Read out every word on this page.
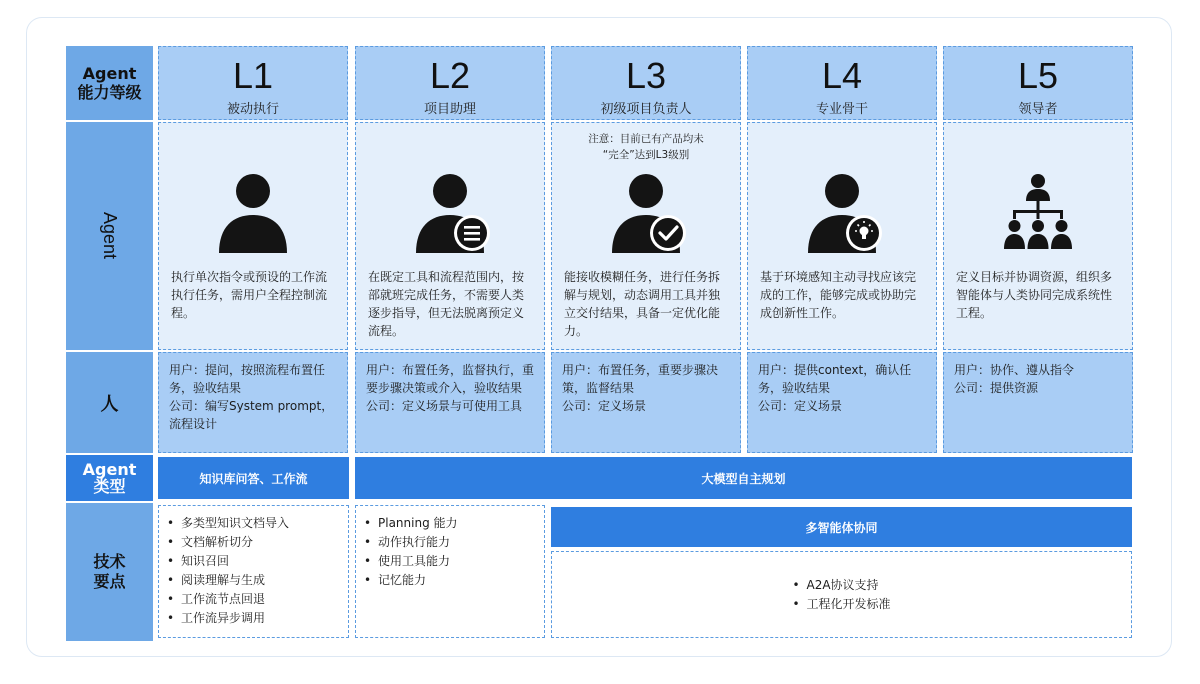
Agent
能力等级
Agent
人
Agent
类型
技术
要点
L1
被动执行
执行单次指令或预设的工作流执行任务，需用户全程控制流程。
用户：提问，按照流程布置任务，验收结果
公司：编写System prompt，流程设计
L2
项目助理
在既定工具和流程范围内，按部就班完成任务，不需要人类逐步指导，但无法脱离预定义流程。
用户：布置任务，监督执行，重要步骤决策或介入，验收结果
公司：定义场景与可使用工具
L3
初级项目负责人
注意：目前已有产品均未
“完全”达到L3级别
能接收模糊任务，进行任务拆解与规划，动态调用工具并独立交付结果，具备一定优化能力。
用户：布置任务，重要步骤决策，监督结果
公司：定义场景
L4
专业骨干
基于环境感知主动寻找应该完成的工作，能够完成或协助完成创新性工作。
用户：提供context，确认任务，验收结果
公司：定义场景
L5
领导者
定义目标并协调资源，组织多智能体与人类协同完成系统性工程。
用户：协作、遵从指令
公司：提供资源
知识库问答、工作流	大模型自主规划
• 多类型知识文档导入
• 文档解析切分
• 知识召回
• 阅读理解与生成
• 工作流节点回退
• 工作流异步调用
• Planning 能力
• 动作执行能力
• 使用工具能力
• 记忆能力
多智能体协同
• A2A协议支持
• 工程化开发标准
